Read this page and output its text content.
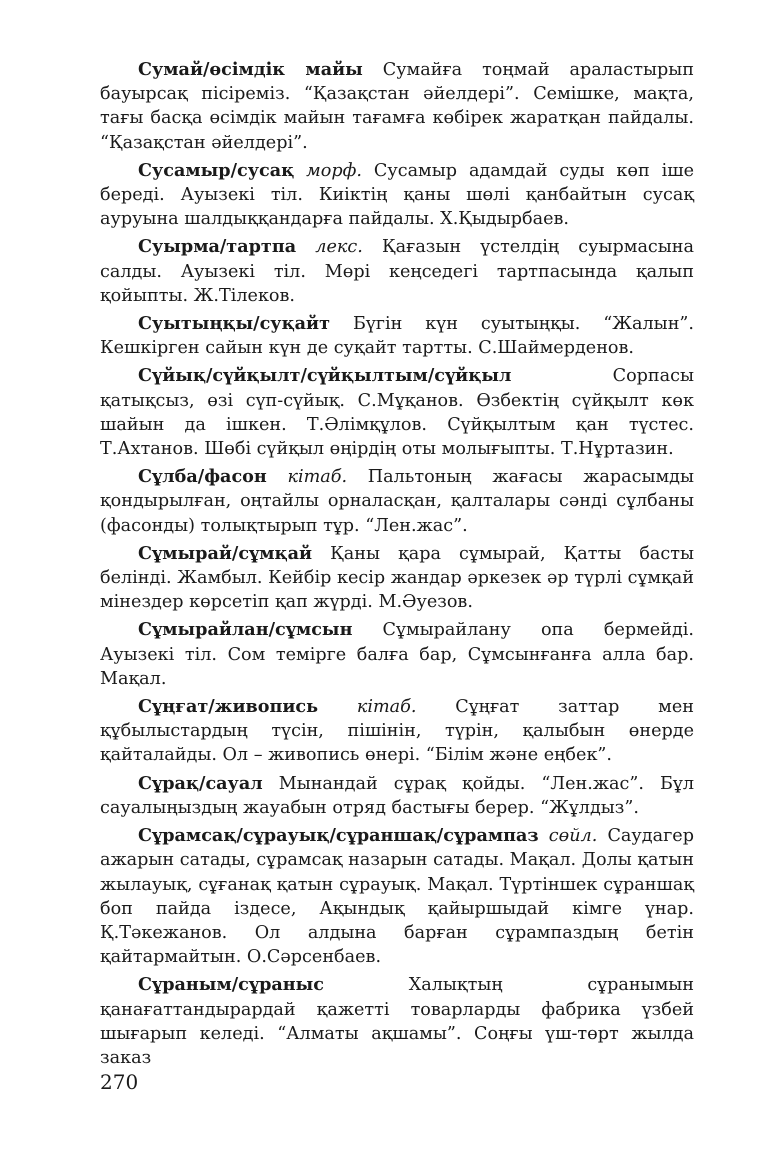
Сумай/өсімдік майы Сумайға тоңмай араластырып бауырсақ пісіреміз. “Қазақстан әйелдері”. Семішке, мақта, тағы басқа өсімдік майын тағамға көбірек жаратқан пайдалы. “Қазақстан әйелдері”.

Сусамыр/сусақ морф. Сусамыр адамдай суды көп іше береді. Ауызекі тіл. Киіктің қаны шөлі қанбайтын сусақ ауруына шалдыққандарға пайдалы. Х.Қыдырбаев.

Суырма/тартпа лекс. Қағазын үстелдің суырмасына салды. Ауызекі тіл. Мөрі кеңседегі тартпасында қалып қойыпты. Ж.Тілеков.

Суытыңқы/суқайт Бүгін күн суытыңқы. “Жалын”. Кешкірген сайын күн де суқайт тартты. С.Шаймерденов.

Сүйық/сүйқылт/сүйқылтым/сүйқыл	Сорпасы қатықсыз, өзі сүп-сүйық. С.Мұқанов. Өзбектің сүйқылт көк шайын да ішкен. Т.Әлімқұлов. Сүйқылтым қан түстес. Т.Ахтанов. Шөбі сүйқыл өңірдің оты молығыпты. Т.Нұртазин.

Сұлба/фасон кітаб. Пальтоның жағасы жарасымды қондырылған, оңтайлы орналасқан, қалталары сәнді сұлбаны (фасонды) толықтырып тұр. “Лен.жас”.

Сұмырай/сұмқай Қаны қара сұмырай, Қатты басты белінді. Жамбыл. Кейбір кесір жандар әркезек әр түрлі сұмқай мінездер көрсетіп қап жүрді. М.Әуезов.

Сұмырайлан/сұмсын Сұмырайлану опа бермейді. Ауызекі тіл. Сом темірге балға бар, Сұмсынғанға алла бар. Мақал.

Сұңғат/живопись кітаб. Сұңғат заттар мен құбылыстардың түсін, пішінін, түрін, қалыбын өнерде қайталайды. Ол – живопись өнері. “Білім және еңбек”.

Сұрақ/сауал Мынандай сұрақ қойды. “Лен.жас”. Бұл сауалыңыздың жауабын отряд бастығы берер. “Жұлдыз”.

Сұрамсақ/сұрауық/сұраншақ/сұрампаз сөйл. Саудагер ажарын сатады, сұрамсақ назарын сатады. Мақал. Долы қатын жылауық, сұғанақ қатын сұрауық. Мақал. Түртіншек сұраншақ боп пайда іздесе, Ақындық қайыршыдай кімге үнар. Қ.Тәкежанов. Ол алдына барған сұрампаздың бетін қайтармайтын. О.Сәрсенбаев.

Сұраным/сұраныс	Халықтың сұранымын қанағаттандырардай қажетті товарларды фабрика үзбей шығарып келеді. “Алматы ақшамы”. Соңғы үш-төрт жылда заказ

270
